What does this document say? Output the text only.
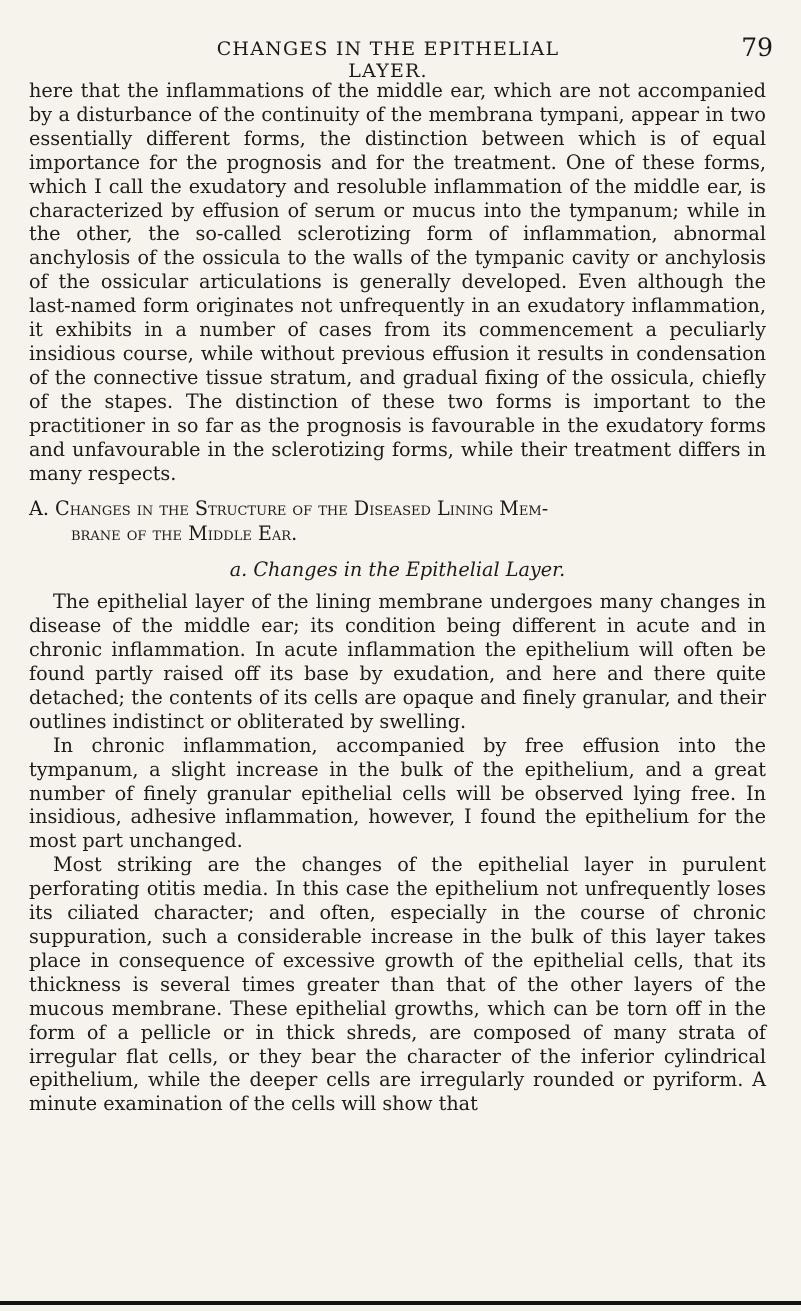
CHANGES IN THE EPITHELIAL LAYER.
79

here that the inflammations of the middle ear, which are not accompanied by a disturbance of the continuity of the membrana tympani, appear in two essentially different forms, the distinction between which is of equal importance for the prognosis and for the treatment. One of these forms, which I call the exudatory and resoluble inflammation of the middle ear, is characterized by effusion of serum or mucus into the tympanum; while in the other, the so-called sclerotizing form of inflammation, abnormal anchylosis of the ossicula to the walls of the tympanic cavity or anchylosis of the ossicular articulations is generally developed. Even although the last-named form originates not unfrequently in an exudatory inflammation, it exhibits in a number of cases from its commencement a peculiarly insidious course, while without previous effusion it results in condensation of the connective tissue stratum, and gradual fixing of the ossicula, chiefly of the stapes. The distinction of these two forms is important to the practitioner in so far as the prognosis is favourable in the exudatory forms and unfavourable in the sclerotizing forms, while their treatment differs in many respects.

A. Changes in the Structure of the Diseased Lining Mem-
brane of the Middle Ear.
a. Changes in the Epithelial Layer.

The epithelial layer of the lining membrane undergoes many changes in disease of the middle ear; its condition being different in acute and in chronic inflammation. In acute inflammation the epithelium will often be found partly raised off its base by exudation, and here and there quite detached; the contents of its cells are opaque and finely granular, and their outlines indistinct or obliterated by swelling.

In chronic inflammation, accompanied by free effusion into the tympanum, a slight increase in the bulk of the epithelium, and a great number of finely granular epithelial cells will be observed lying free. In insidious, adhesive inflammation, however, I found the epithelium for the most part unchanged.

Most striking are the changes of the epithelial layer in purulent perforating otitis media. In this case the epithelium not unfrequently loses its ciliated character; and often, especially in the course of chronic suppuration, such a considerable increase in the bulk of this layer takes place in consequence of excessive growth of the epithelial cells, that its thickness is several times greater than that of the other layers of the mucous membrane. These epithelial growths, which can be torn off in the form of a pellicle or in thick shreds, are composed of many strata of irregular flat cells, or they bear the character of the inferior cylindrical epithelium, while the deeper cells are irregularly rounded or pyriform. A minute examination of the cells will show that
